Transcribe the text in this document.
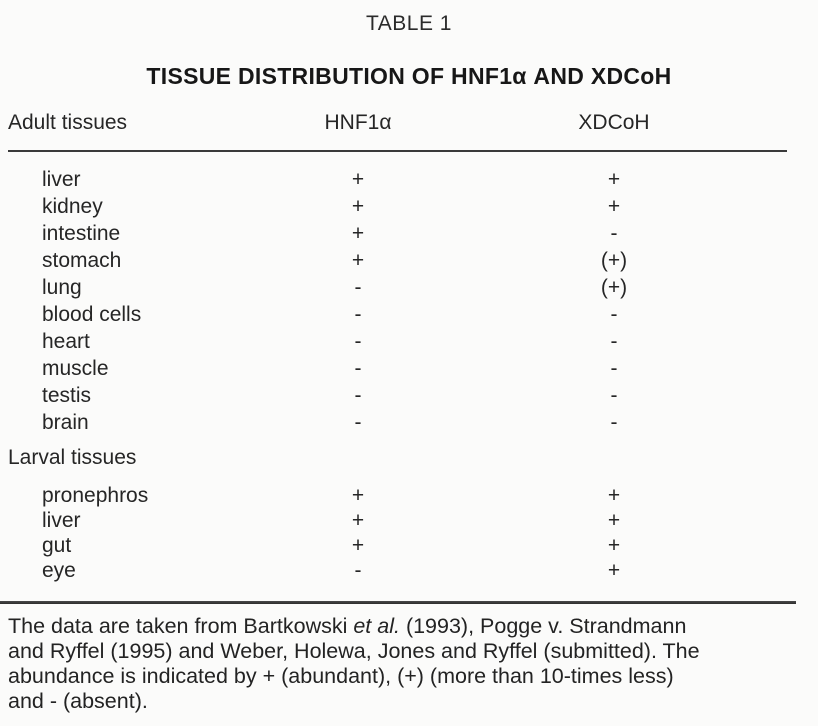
TABLE 1
TISSUE DISTRIBUTION OF HNF1α AND XDCoH
Adult tissues	HNF1α	XDCoH
liver	+	+
kidney	+	+
intestine	+	-
stomach	+	(+)
lung	-	(+)
blood cells	-	-
heart	-	-
muscle	-	-
testis	-	-
brain	-	-
Larval tissues
pronephros	+	+
liver	+	+
gut	+	+
eye	-	+
The data are taken from Bartkowski et al. (1993), Pogge v. Strandmann
and Ryffel (1995) and Weber, Holewa, Jones and Ryffel (submitted). The
abundance is indicated by + (abundant), (+) (more than 10-times less)
and - (absent).
